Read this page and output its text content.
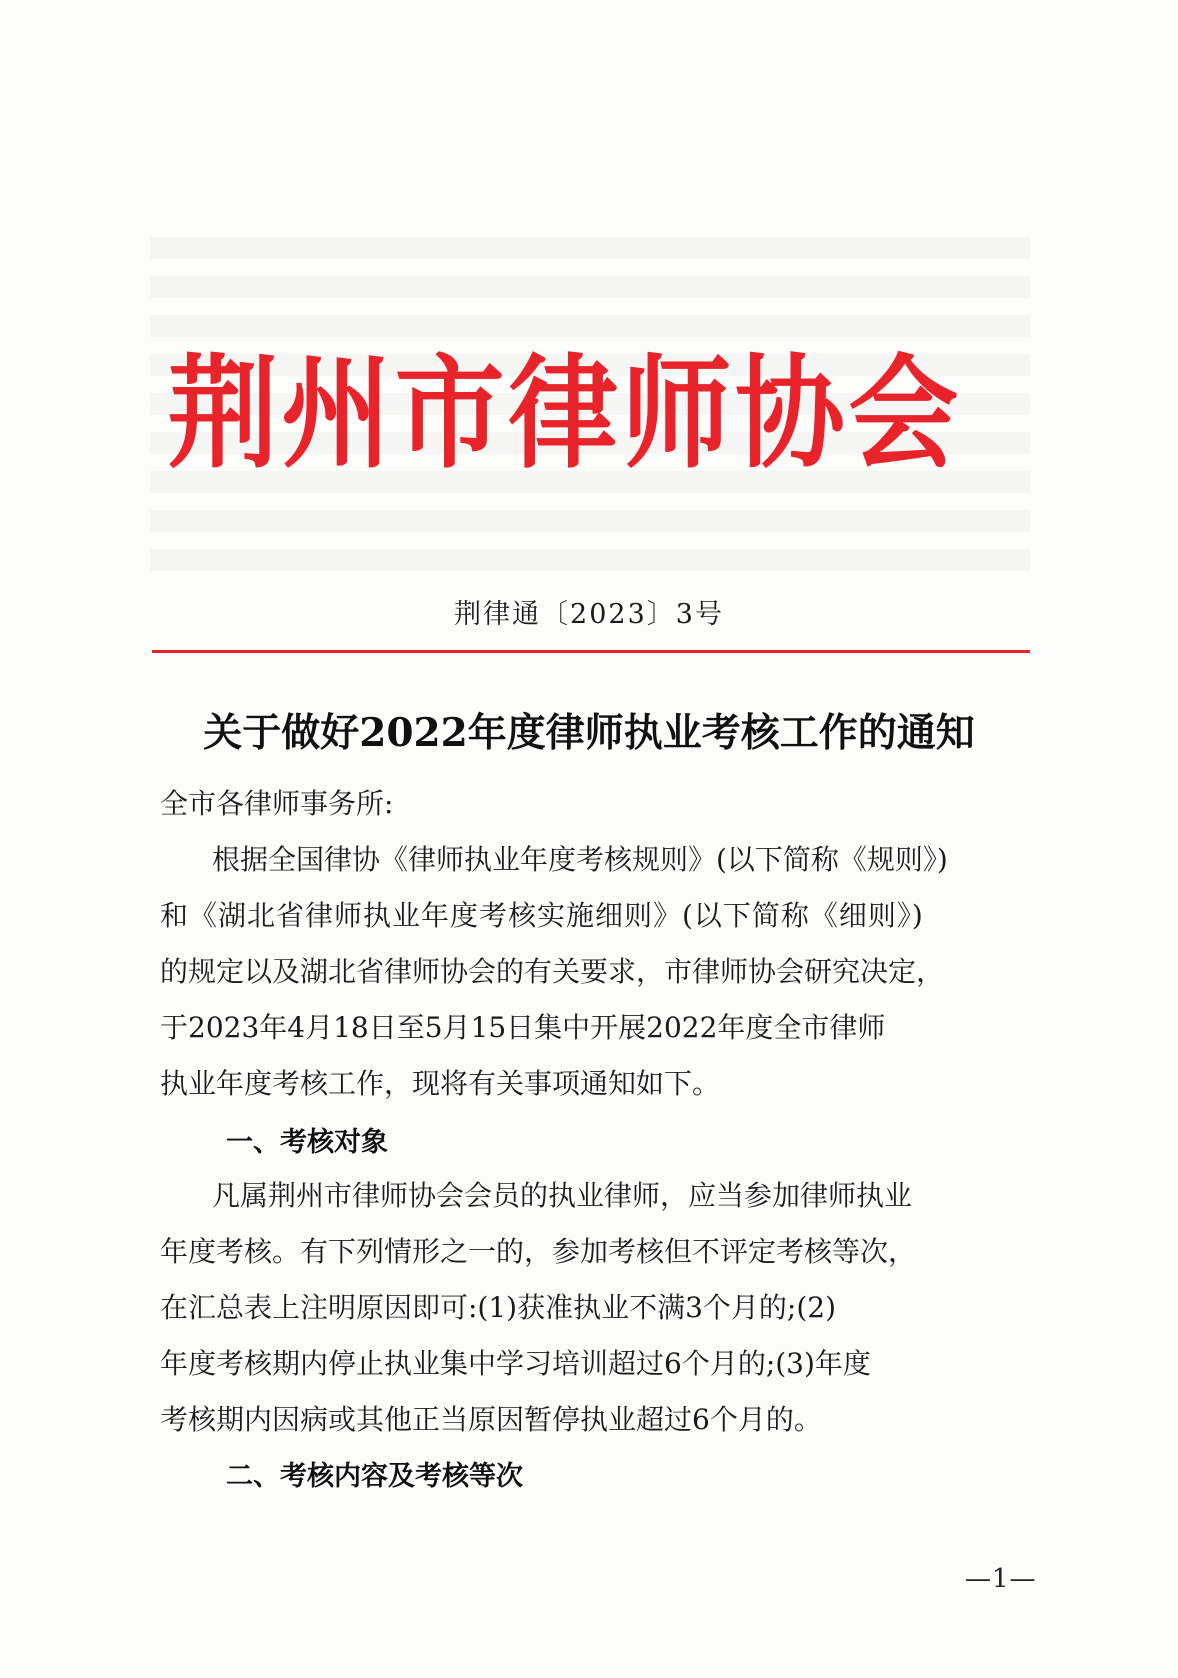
荆州市律师协会
荆律通〔2023〕3号
关于做好2022年度律师执业考核工作的通知
全市各律师事务所:
根据全国律协《律师执业年度考核规则》(以下简称《规则》)
和《湖北省律师执业年度考核实施细则》(以下简称《细则》)
的规定以及湖北省律师协会的有关要求，市律师协会研究决定，
于2023年4月18日至5月15日集中开展2022年度全市律师
执业年度考核工作，现将有关事项通知如下。
一、考核对象
凡属荆州市律师协会会员的执业律师，应当参加律师执业
年度考核。有下列情形之一的，参加考核但不评定考核等次，
在汇总表上注明原因即可:(1)获准执业不满3个月的;(2)
年度考核期内停止执业集中学习培训超过6个月的;(3)年度
考核期内因病或其他正当原因暂停执业超过6个月的。
二、考核内容及考核等次
—1—
